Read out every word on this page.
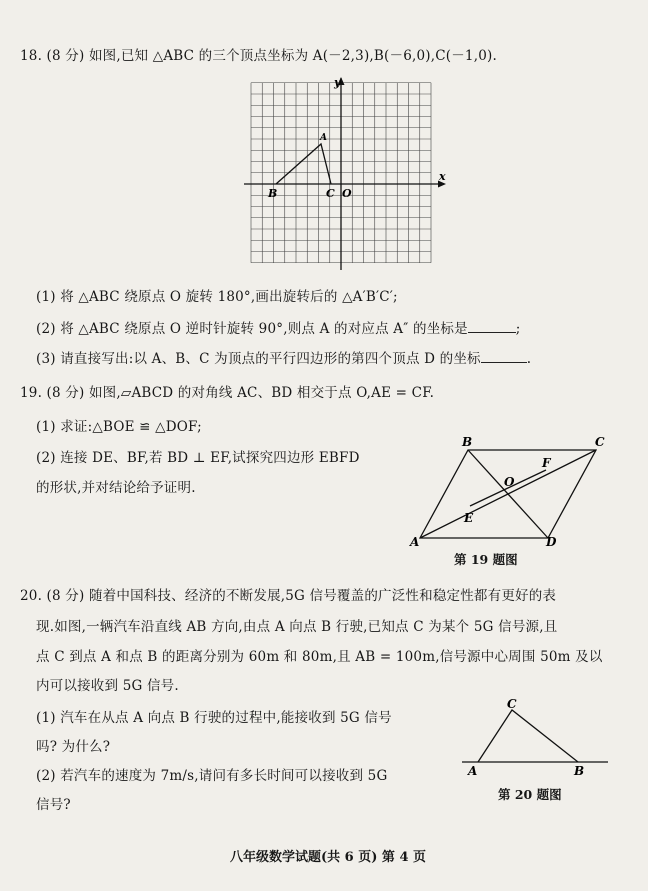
18. (8 分) 如图,已知 △ABC 的三个顶点坐标为 A(－2,3),B(－6,0),C(－1,0).
y
x
B	C O
A
(1) 将 △ABC 绕原点 O 旋转 180°,画出旋转后的 △A′B′C′;
(2) 将 △ABC 绕原点 O 逆时针旋转 90°,则点 A 的对应点 A″ 的坐标是	;
(3) 请直接写出:以 A、B、C 为顶点的平行四边形的第四个顶点 D 的坐标	.
19. (8 分) 如图,▱ABCD 的对角线 AC、BD 相交于点 O,AE = CF.
(1) 求证:△BOE ≌ △DOF;
(2) 连接 DE、BF,若 BD ⊥ EF,试探究四边形 EBFD
的形状,并对结论给予证明.
B	C
F
O
E
A	D
第 19 题图
20. (8 分) 随着中国科技、经济的不断发展,5G 信号覆盖的广泛性和稳定性都有更好的表
现.如图,一辆汽车沿直线 AB 方向,由点 A 向点 B 行驶,已知点 C 为某个 5G 信号源,且
点 C 到点 A 和点 B 的距离分别为 60m 和 80m,且 AB = 100m,信号源中心周围 50m 及以
内可以接收到 5G 信号.
(1) 汽车在从点 A 向点 B 行驶的过程中,能接收到 5G 信号
吗? 为什么?
(2) 若汽车的速度为 7m/s,请问有多长时间可以接收到 5G
信号?
C
A	B
第 20 题图
八年级数学试题(共 6 页) 第 4 页
